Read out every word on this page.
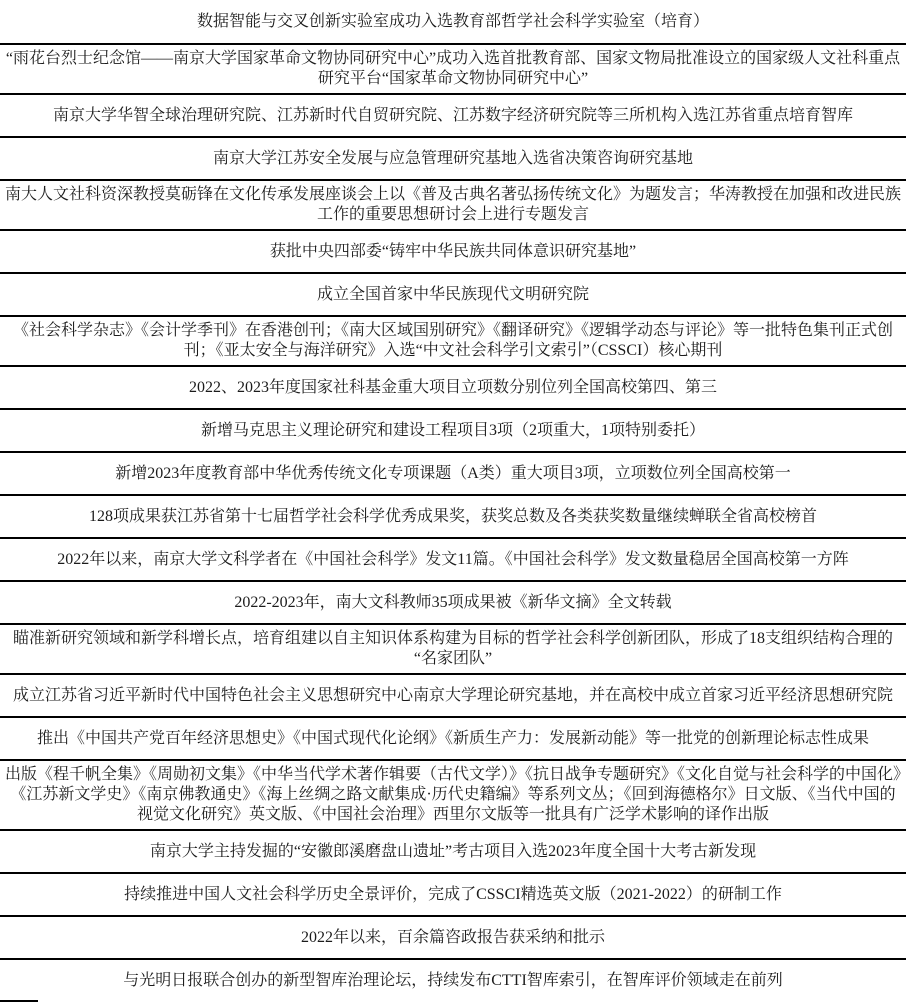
数据智能与交叉创新实验室成功入选教育部哲学社会科学实验室（培育）
“雨花台烈士纪念馆——南京大学国家革命文物协同研究中心”成功入选首批教育部、国家文物局批准设立的国家级人文社科重点研究平台“国家革命文物协同研究中心”
南京大学华智全球治理研究院、江苏新时代自贸研究院、江苏数字经济研究院等三所机构入选江苏省重点培育智库
南京大学江苏安全发展与应急管理研究基地入选省决策咨询研究基地
南大人文社科资深教授莫砺锋在文化传承发展座谈会上以《普及古典名著弘扬传统文化》为题发言；华涛教授在加强和改进民族工作的重要思想研讨会上进行专题发言
获批中央四部委“铸牢中华民族共同体意识研究基地”
成立全国首家中华民族现代文明研究院
《社会科学杂志》《会计学季刊》在香港创刊；《南大区域国别研究》《翻译研究》《逻辑学动态与评论》等一批特色集刊正式创刊；《亚太安全与海洋研究》入选“中文社会科学引文索引”（CSSCI）核心期刊
2022、2023年度国家社科基金重大项目立项数分别位列全国高校第四、第三
新增马克思主义理论研究和建设工程项目3项（2项重大，1项特别委托）
新增2023年度教育部中华优秀传统文化专项课题（A类）重大项目3项，立项数位列全国高校第一
128项成果获江苏省第十七届哲学社会科学优秀成果奖，获奖总数及各类获奖数量继续蝉联全省高校榜首
2022年以来，南京大学文科学者在《中国社会科学》发文11篇。《中国社会科学》发文数量稳居全国高校第一方阵
2022-2023年，南大文科教师35项成果被《新华文摘》全文转载
瞄准新研究领域和新学科增长点，培育组建以自主知识体系构建为目标的哲学社会科学创新团队，形成了18支组织结构合理的“名家团队”
成立江苏省习近平新时代中国特色社会主义思想研究中心南京大学理论研究基地，并在高校中成立首家习近平经济思想研究院
推出《中国共产党百年经济思想史》《中国式现代化论纲》《新质生产力：发展新动能》等一批党的创新理论标志性成果
出版《程千帆全集》《周勋初文集》《中华当代学术著作辑要（古代文学）》《抗日战争专题研究》《文化自觉与社会科学的中国化》《江苏新文学史》《南京佛教通史》《海上丝绸之路文献集成·历代史籍编》等系列文丛；《回到海德格尔》日文版、《当代中国的视觉文化研究》英文版、《中国社会治理》西里尔文版等一批具有广泛学术影响的译作出版
南京大学主持发掘的“安徽郎溪磨盘山遗址”考古项目入选2023年度全国十大考古新发现
持续推进中国人文社会科学历史全景评价，完成了CSSCI精选英文版（2021-2022）的研制工作
2022年以来，百余篇咨政报告获采纳和批示
与光明日报联合创办的新型智库治理论坛，持续发布CTTI智库索引，在智库评价领域走在前列
